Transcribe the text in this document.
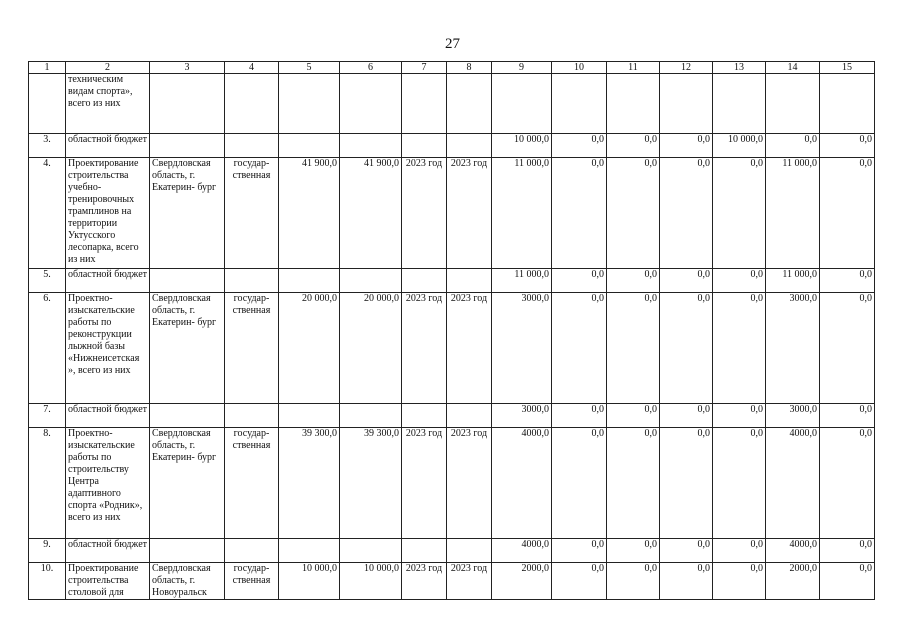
27
1	2	3	4	5	6	7	8	9	10	11	12	13	14	15
	техническим видам спорта», всего из них													
3.	областной бюджет							10 000,0	0,0	0,0	0,0	10 000,0	0,0	0,0
4.	Проектирование строительства учебно- тренировочных трамплинов на территории Уктусского лесопарка, всего из них	Свердловская область, г. Екатерин- бург	государ- ственная	41 900,0	41 900,0	2023 год	2023 год	11 000,0	0,0	0,0	0,0	0,0	11 000,0	0,0
5.	областной бюджет							11 000,0	0,0	0,0	0,0	0,0	11 000,0	0,0
6.	Проектно- изыскательские работы по реконструкции лыжной базы «Нижнеисетская », всего из них	Свердловская область, г. Екатерин- бург	государ- ственная	20 000,0	20 000,0	2023 год	2023 год	3000,0	0,0	0,0	0,0	0,0	3000,0	0,0
7.	областной бюджет							3000,0	0,0	0,0	0,0	0,0	3000,0	0,0
8.	Проектно- изыскательские работы по строительству Центра адаптивного спорта «Родник», всего из них	Свердловская область, г. Екатерин- бург	государ- ственная	39 300,0	39 300,0	2023 год	2023 год	4000,0	0,0	0,0	0,0	0,0	4000,0	0,0
9.	областной бюджет							4000,0	0,0	0,0	0,0	0,0	4000,0	0,0
10.	Проектирование строительства столовой для	Свердловская область, г. Новоуральск	государ- ственная	10 000,0	10 000,0	2023 год	2023 год	2000,0	0,0	0,0	0,0	0,0	2000,0	0,0
